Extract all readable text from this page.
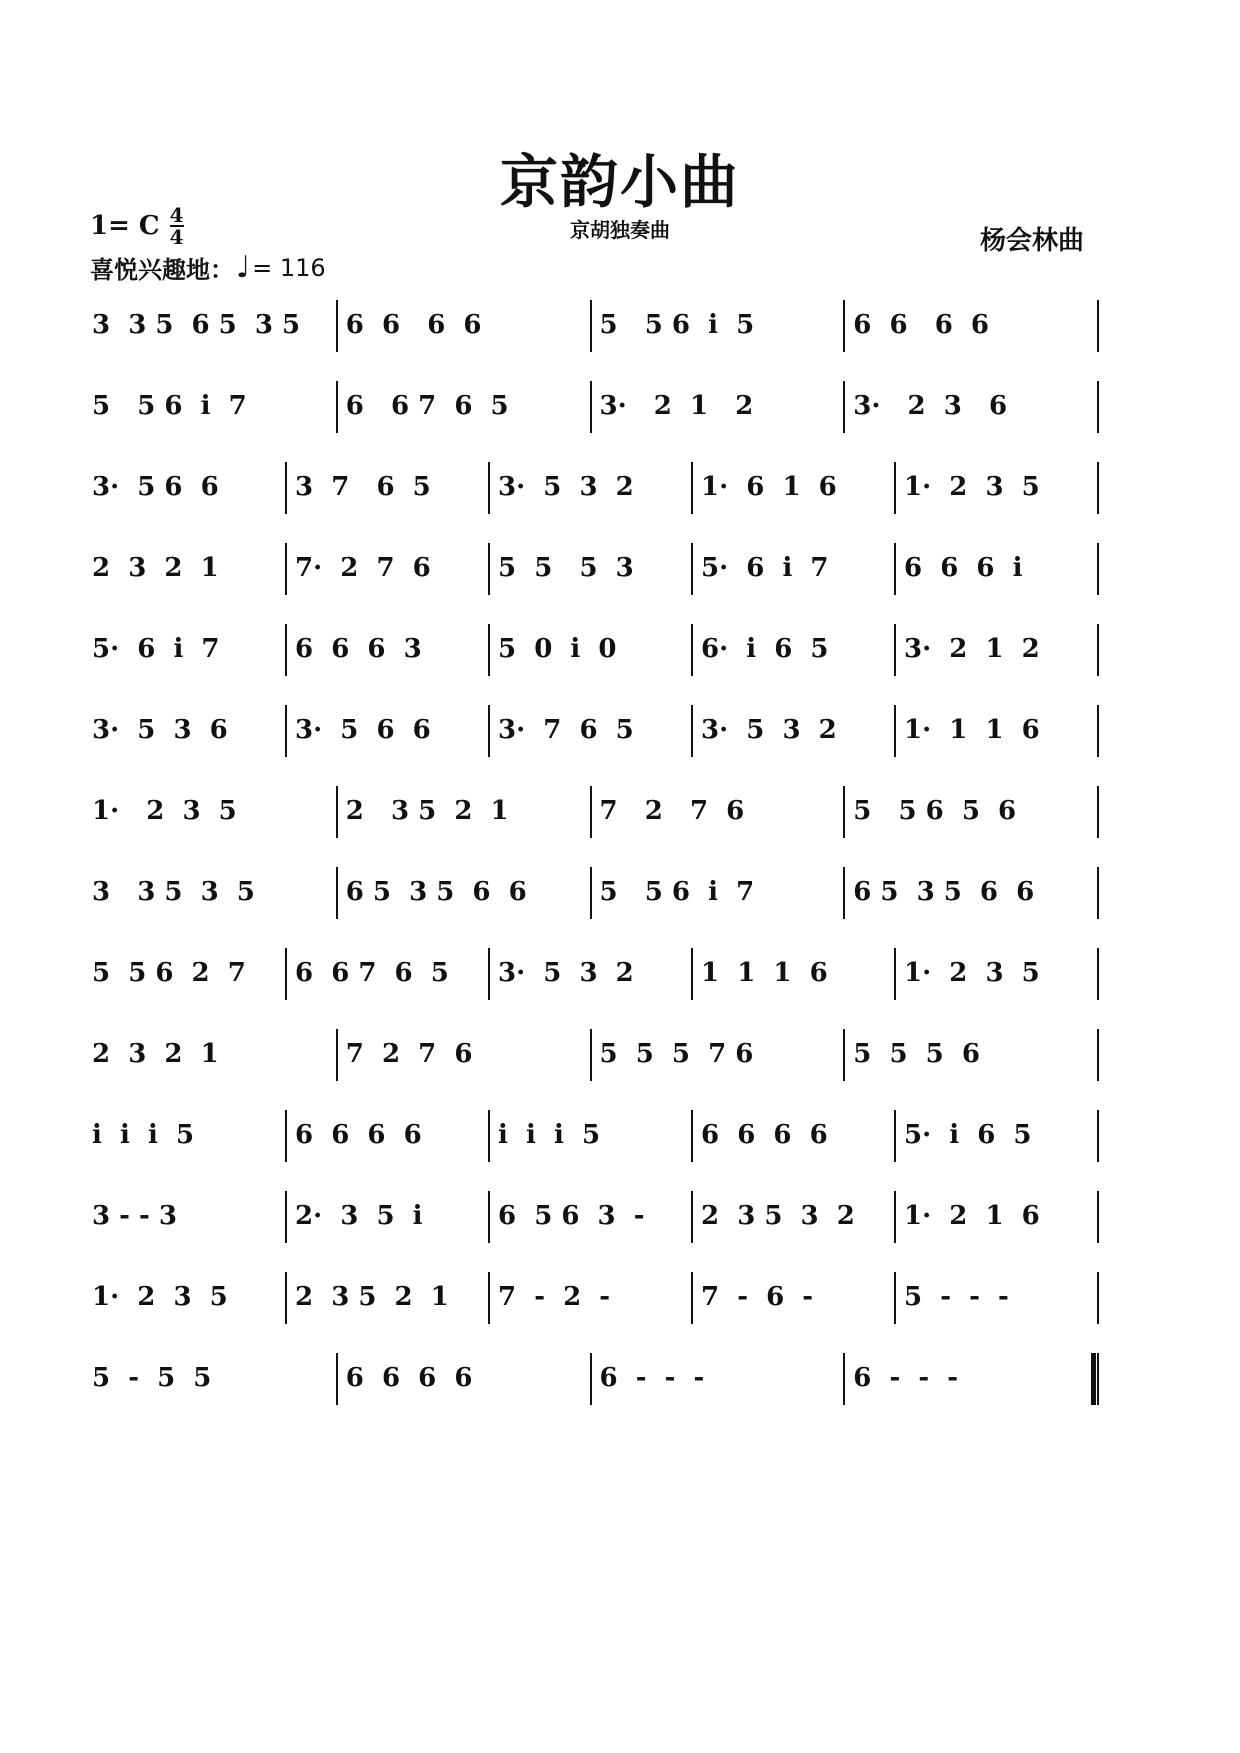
京韵小曲
1= C 4
4	京胡独奏曲	杨会林曲
喜悦兴趣地： ♩ = 116
3  3 5  6 5  3 5	6  6   6  6	5   5 6  i  5	6  6   6  6
5   5 6  i  7	6   6 7  6  5	3·   2  1   2	3·   2  3   6
3·  5 6  6	3  7   6  5	3·  5  3  2	1·  6  1  6	1·  2  3  5
2  3  2  1	7·  2  7  6	5  5   5  3	5·  6  i  7	6  6  6  i
5·  6  i  7	6  6  6  3	5  0  i  0	6·  i  6  5	3·  2  1  2
3·  5  3  6	3·  5  6  6	3·  7  6  5	3·  5  3  2	1·  1  1  6
1·   2  3  5	2   3 5  2  1	7   2   7  6	5   5 6  5  6
3   3 5  3  5	6 5  3 5  6  6	5   5 6  i  7	6 5  3 5  6  6
5  5 6  2  7	6  6 7  6  5	3·  5  3  2	1  1  1  6	1·  2  3  5
2  3  2  1	7  2  7  6	5  5  5  7 6	5  5  5  6
i  i  i  5	6  6  6  6	i  i  i  5	6  6  6  6	5·  i  6  5
3 - - 3	2·  3  5  i	6  5 6  3  -	2  3 5  3  2	1·  2  1  6
1·  2  3  5	2  3 5  2  1	7  -  2  -	7  -  6  -	5  -  -  -
5  -  5  5	6  6  6  6	6  -  -  -	6  -  -  -
